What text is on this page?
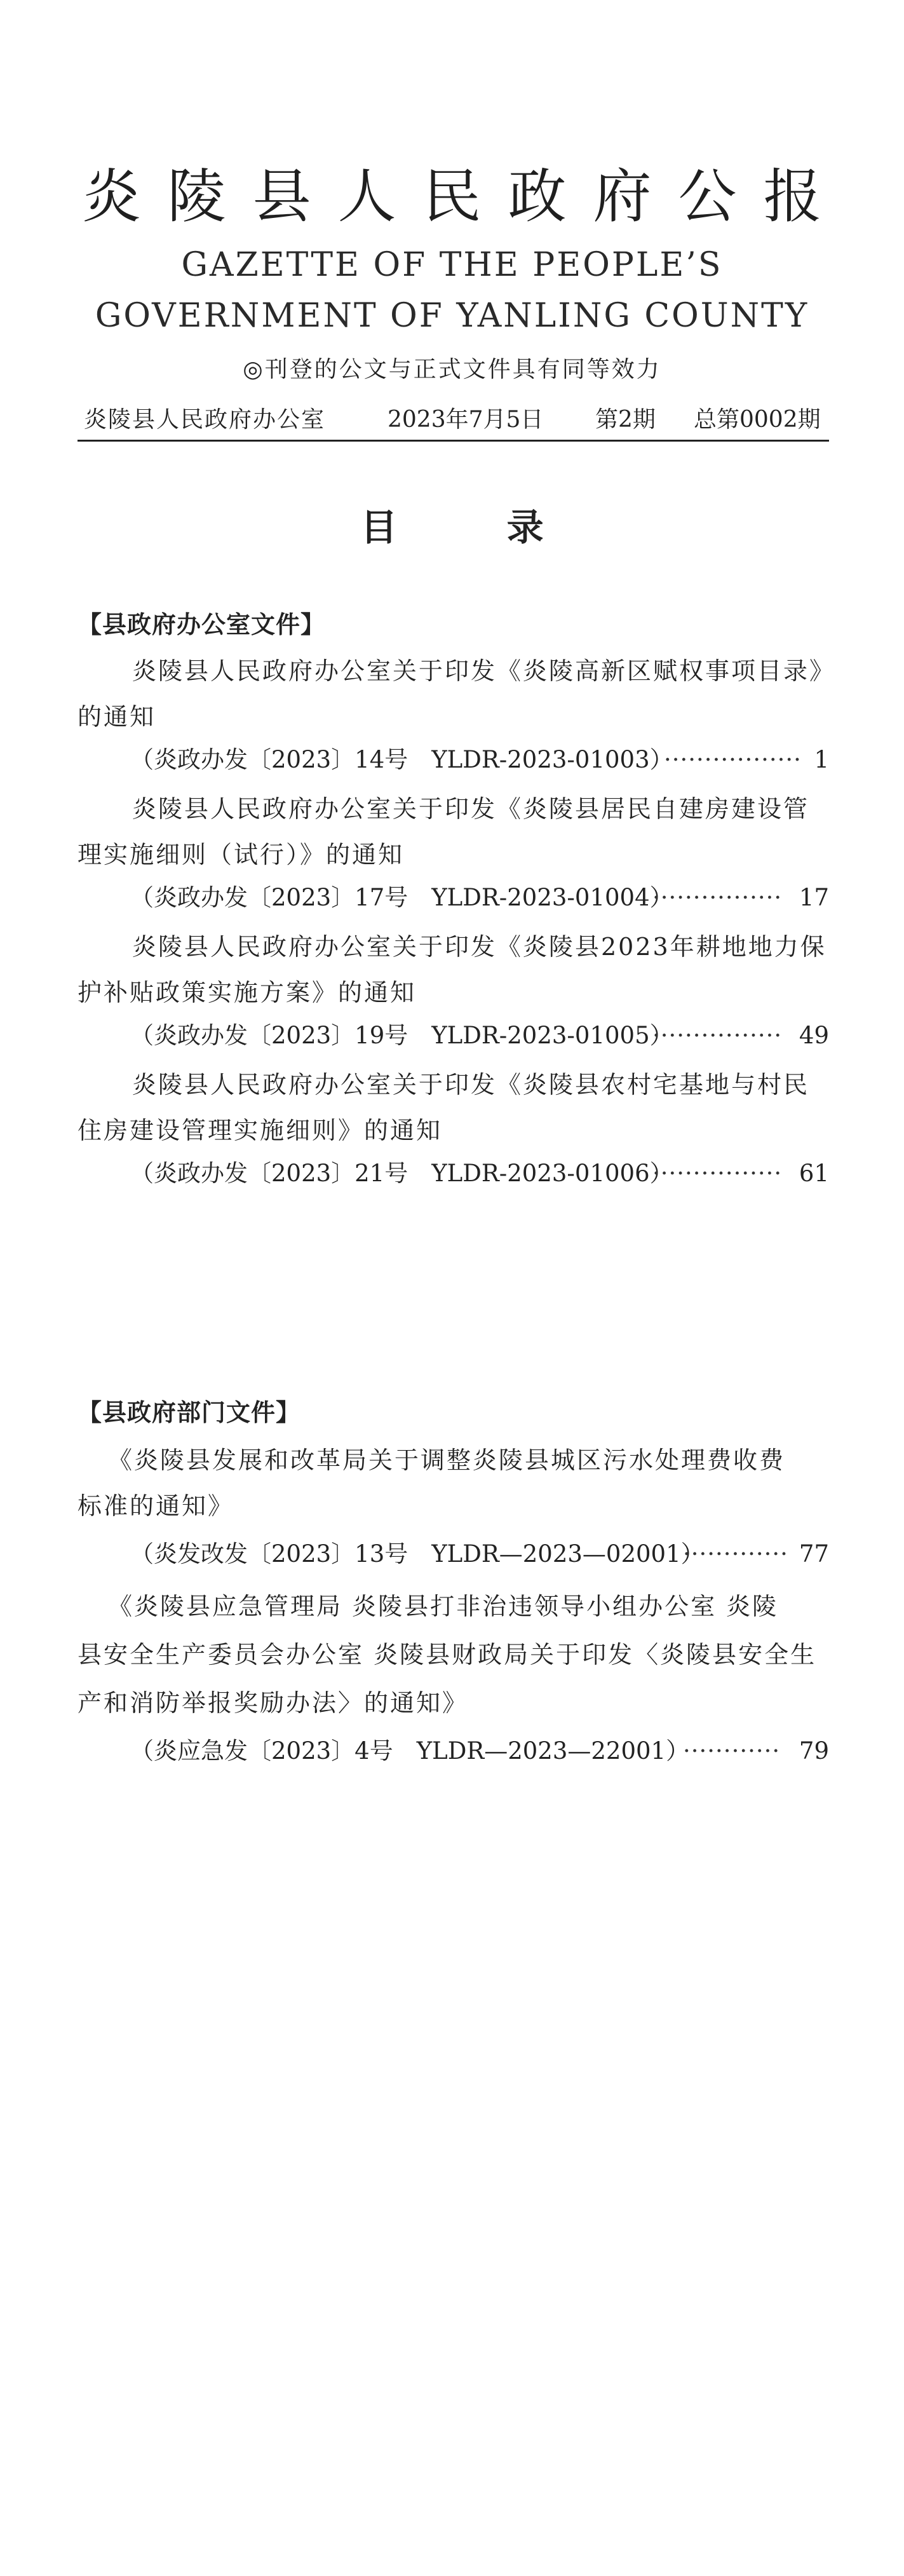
炎陵县人民政府公报
GAZETTE OF THE PEOPLE’S
GOVERNMENT OF YANLING COUNTY
◎刊登的公文与正式文件具有同等效力
炎陵县人民政府办公室	2023年7月5日 第2期 总第0002期
目 录
【县政府办公室文件】
炎陵县人民政府办公室关于印发《炎陵高新区赋权事项目录》
的通知
（炎政办发〔2023〕14号　YLDR-2023-01003）
················· 1
炎陵县人民政府办公室关于印发《炎陵县居民自建房建设管
理实施细则（试行）》的通知
（炎政办发〔2023〕17号　YLDR-2023-01004）
················ 17
炎陵县人民政府办公室关于印发《炎陵县2023年耕地地力保
护补贴政策实施方案》的通知
（炎政办发〔2023〕19号　YLDR-2023-01005）
················ 49
炎陵县人民政府办公室关于印发《炎陵县农村宅基地与村民
住房建设管理实施细则》的通知
（炎政办发〔2023〕21号　YLDR-2023-01006）
················ 61
【县政府部门文件】
《炎陵县发展和改革局关于调整炎陵县城区污水处理费收费
标准的通知》
（炎发改发〔2023〕13号　YLDR—2023—02001）
············· 77
《炎陵县应急管理局 炎陵县打非治违领导小组办公室 炎陵
县安全生产委员会办公室 炎陵县财政局关于印发〈炎陵县安全生
产和消防举报奖励办法〉的通知》
（炎应急发〔2023〕4号　YLDR—2023—22001）
············ 79
